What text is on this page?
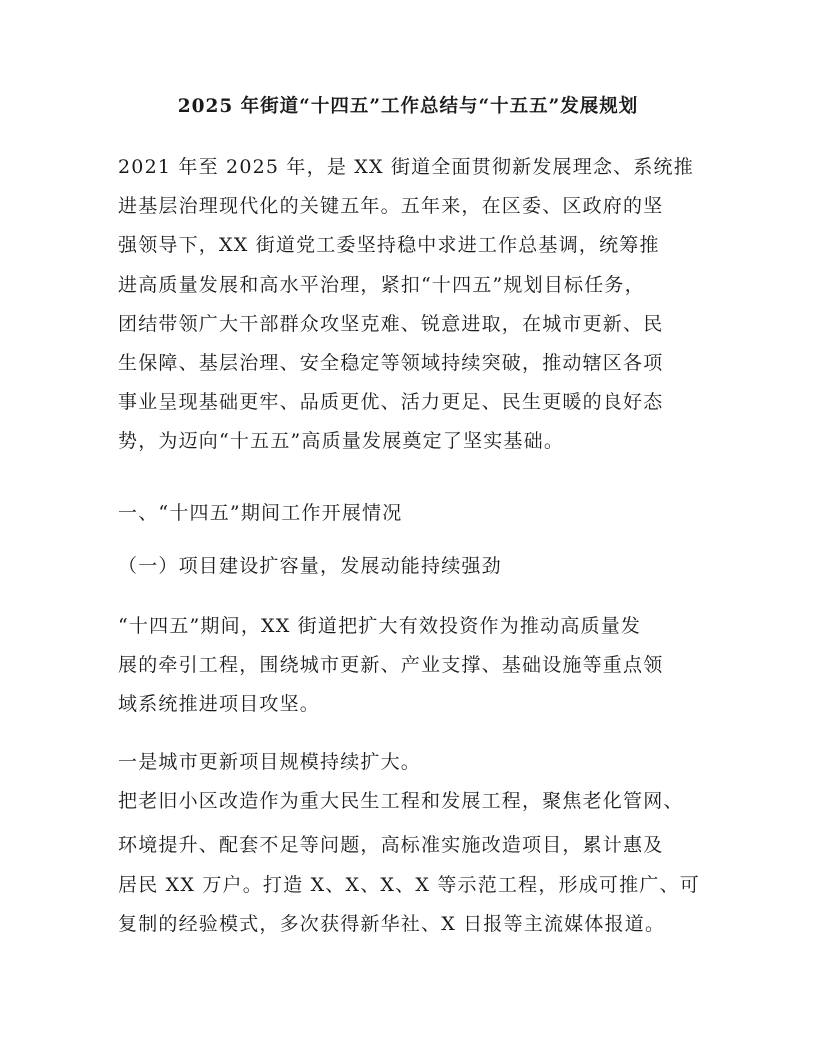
2025 年街道“十四五”工作总结与“十五五”发展规划
2021 年至 2025 年，是 XX 街道全面贯彻新发展理念、系统推
进基层治理现代化的关键五年。五年来，在区委、区政府的坚
强领导下，XX 街道党工委坚持稳中求进工作总基调，统筹推
进高质量发展和高水平治理，紧扣“十四五”规划目标任务，
团结带领广大干部群众攻坚克难、锐意进取，在城市更新、民
生保障、基层治理、安全稳定等领域持续突破，推动辖区各项
事业呈现基础更牢、品质更优、活力更足、民生更暖的良好态
势，为迈向“十五五”高质量发展奠定了坚实基础。
一、“十四五”期间工作开展情况
（一）项目建设扩容量，发展动能持续强劲
“十四五”期间，XX 街道把扩大有效投资作为推动高质量发
展的牵引工程，围绕城市更新、产业支撑、基础设施等重点领
域系统推进项目攻坚。
一是城市更新项目规模持续扩大。
把老旧小区改造作为重大民生工程和发展工程，聚焦老化管网、
环境提升、配套不足等问题，高标准实施改造项目，累计惠及
居民 XX 万户。打造 X、X、X、X 等示范工程，形成可推广、可
复制的经验模式，多次获得新华社、X 日报等主流媒体报道。
